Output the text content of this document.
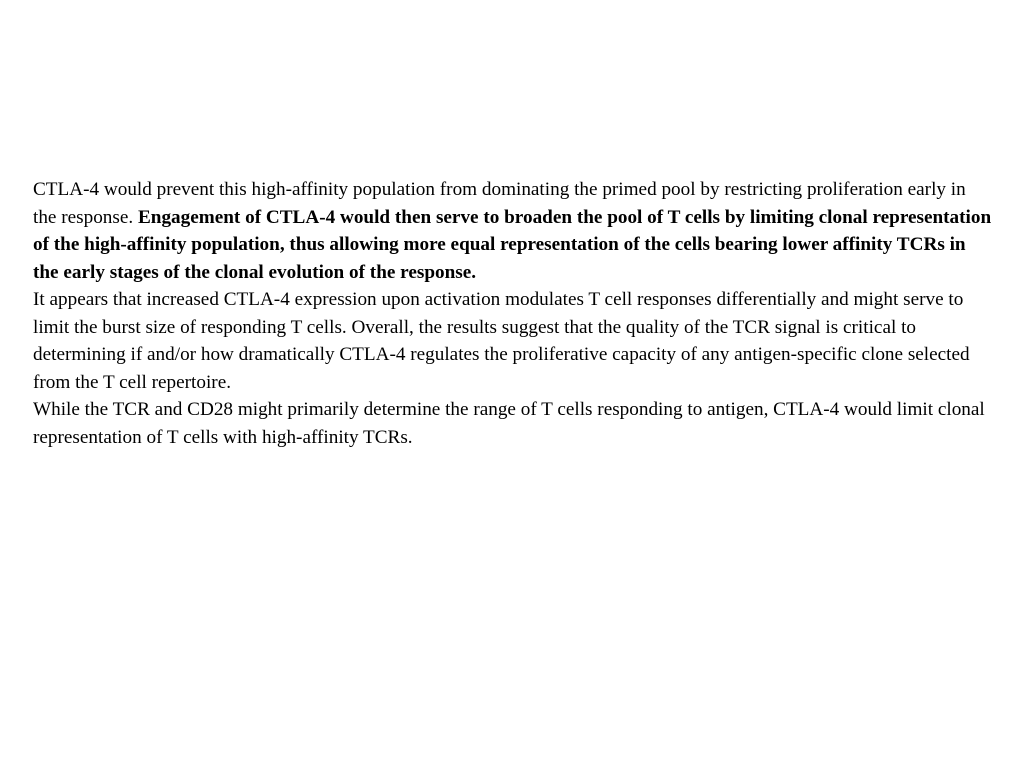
CTLA-4 would prevent this high-affinity population from dominating the primed pool by restricting proliferation early in the response. Engagement of CTLA-4 would then serve to broaden the pool of T cells by limiting clonal representation of the high-affinity population, thus allowing more equal representation of the cells bearing lower affinity TCRs in the early stages of the clonal evolution of the response.

It appears that increased CTLA-4 expression upon activation modulates T cell responses differentially and might serve to limit the burst size of responding T cells. Overall, the results suggest that the quality of the TCR signal is critical to determining if and/or how dramatically CTLA-4 regulates the proliferative capacity of any antigen-specific clone selected from the T cell repertoire.

While the TCR and CD28 might primarily determine the range of T cells responding to antigen, CTLA-4 would limit clonal representation of T cells with high-affinity TCRs.
